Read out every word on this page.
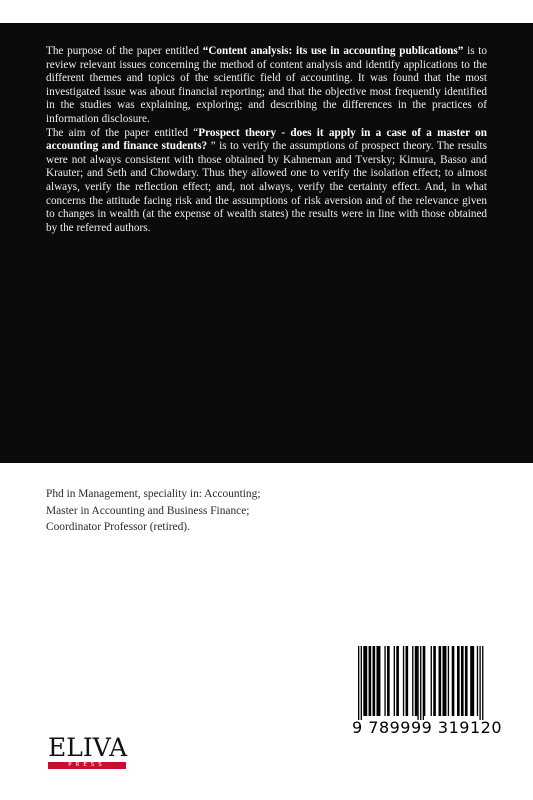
The purpose of the paper entitled “Content analysis: its use in accounting publications” is to review relevant issues concerning the method of content analysis and identify applications to the different themes and topics of the scientific field of accounting. It was found that the most investigated issue was about financial reporting; and that the objective most frequently identified in the studies was explaining, exploring; and describing the differences in the practices of information disclosure.

The aim of the paper entitled “Prospect theory - does it apply in a case of a master on accounting and finance students? ” is to verify the assumptions of prospect theory. The results were not always consistent with those obtained by Kahneman and Tversky; Kimura, Basso and Krauter; and Seth and Chowdary. Thus they allowed one to verify the isolation effect; to almost always, verify the reflection effect; and, not always, verify the certainty effect. And, in what concerns the attitude facing risk and the assumptions of risk aversion and of the relevance given to changes in wealth (at the expense of wealth states) the results were in line with those obtained by the referred authors.

Phd in Management, speciality in: Accounting;
Master in Accounting and Business Finance;
Coordinator Professor (retired).
9 789999 319120
ELIVA
PRESS
